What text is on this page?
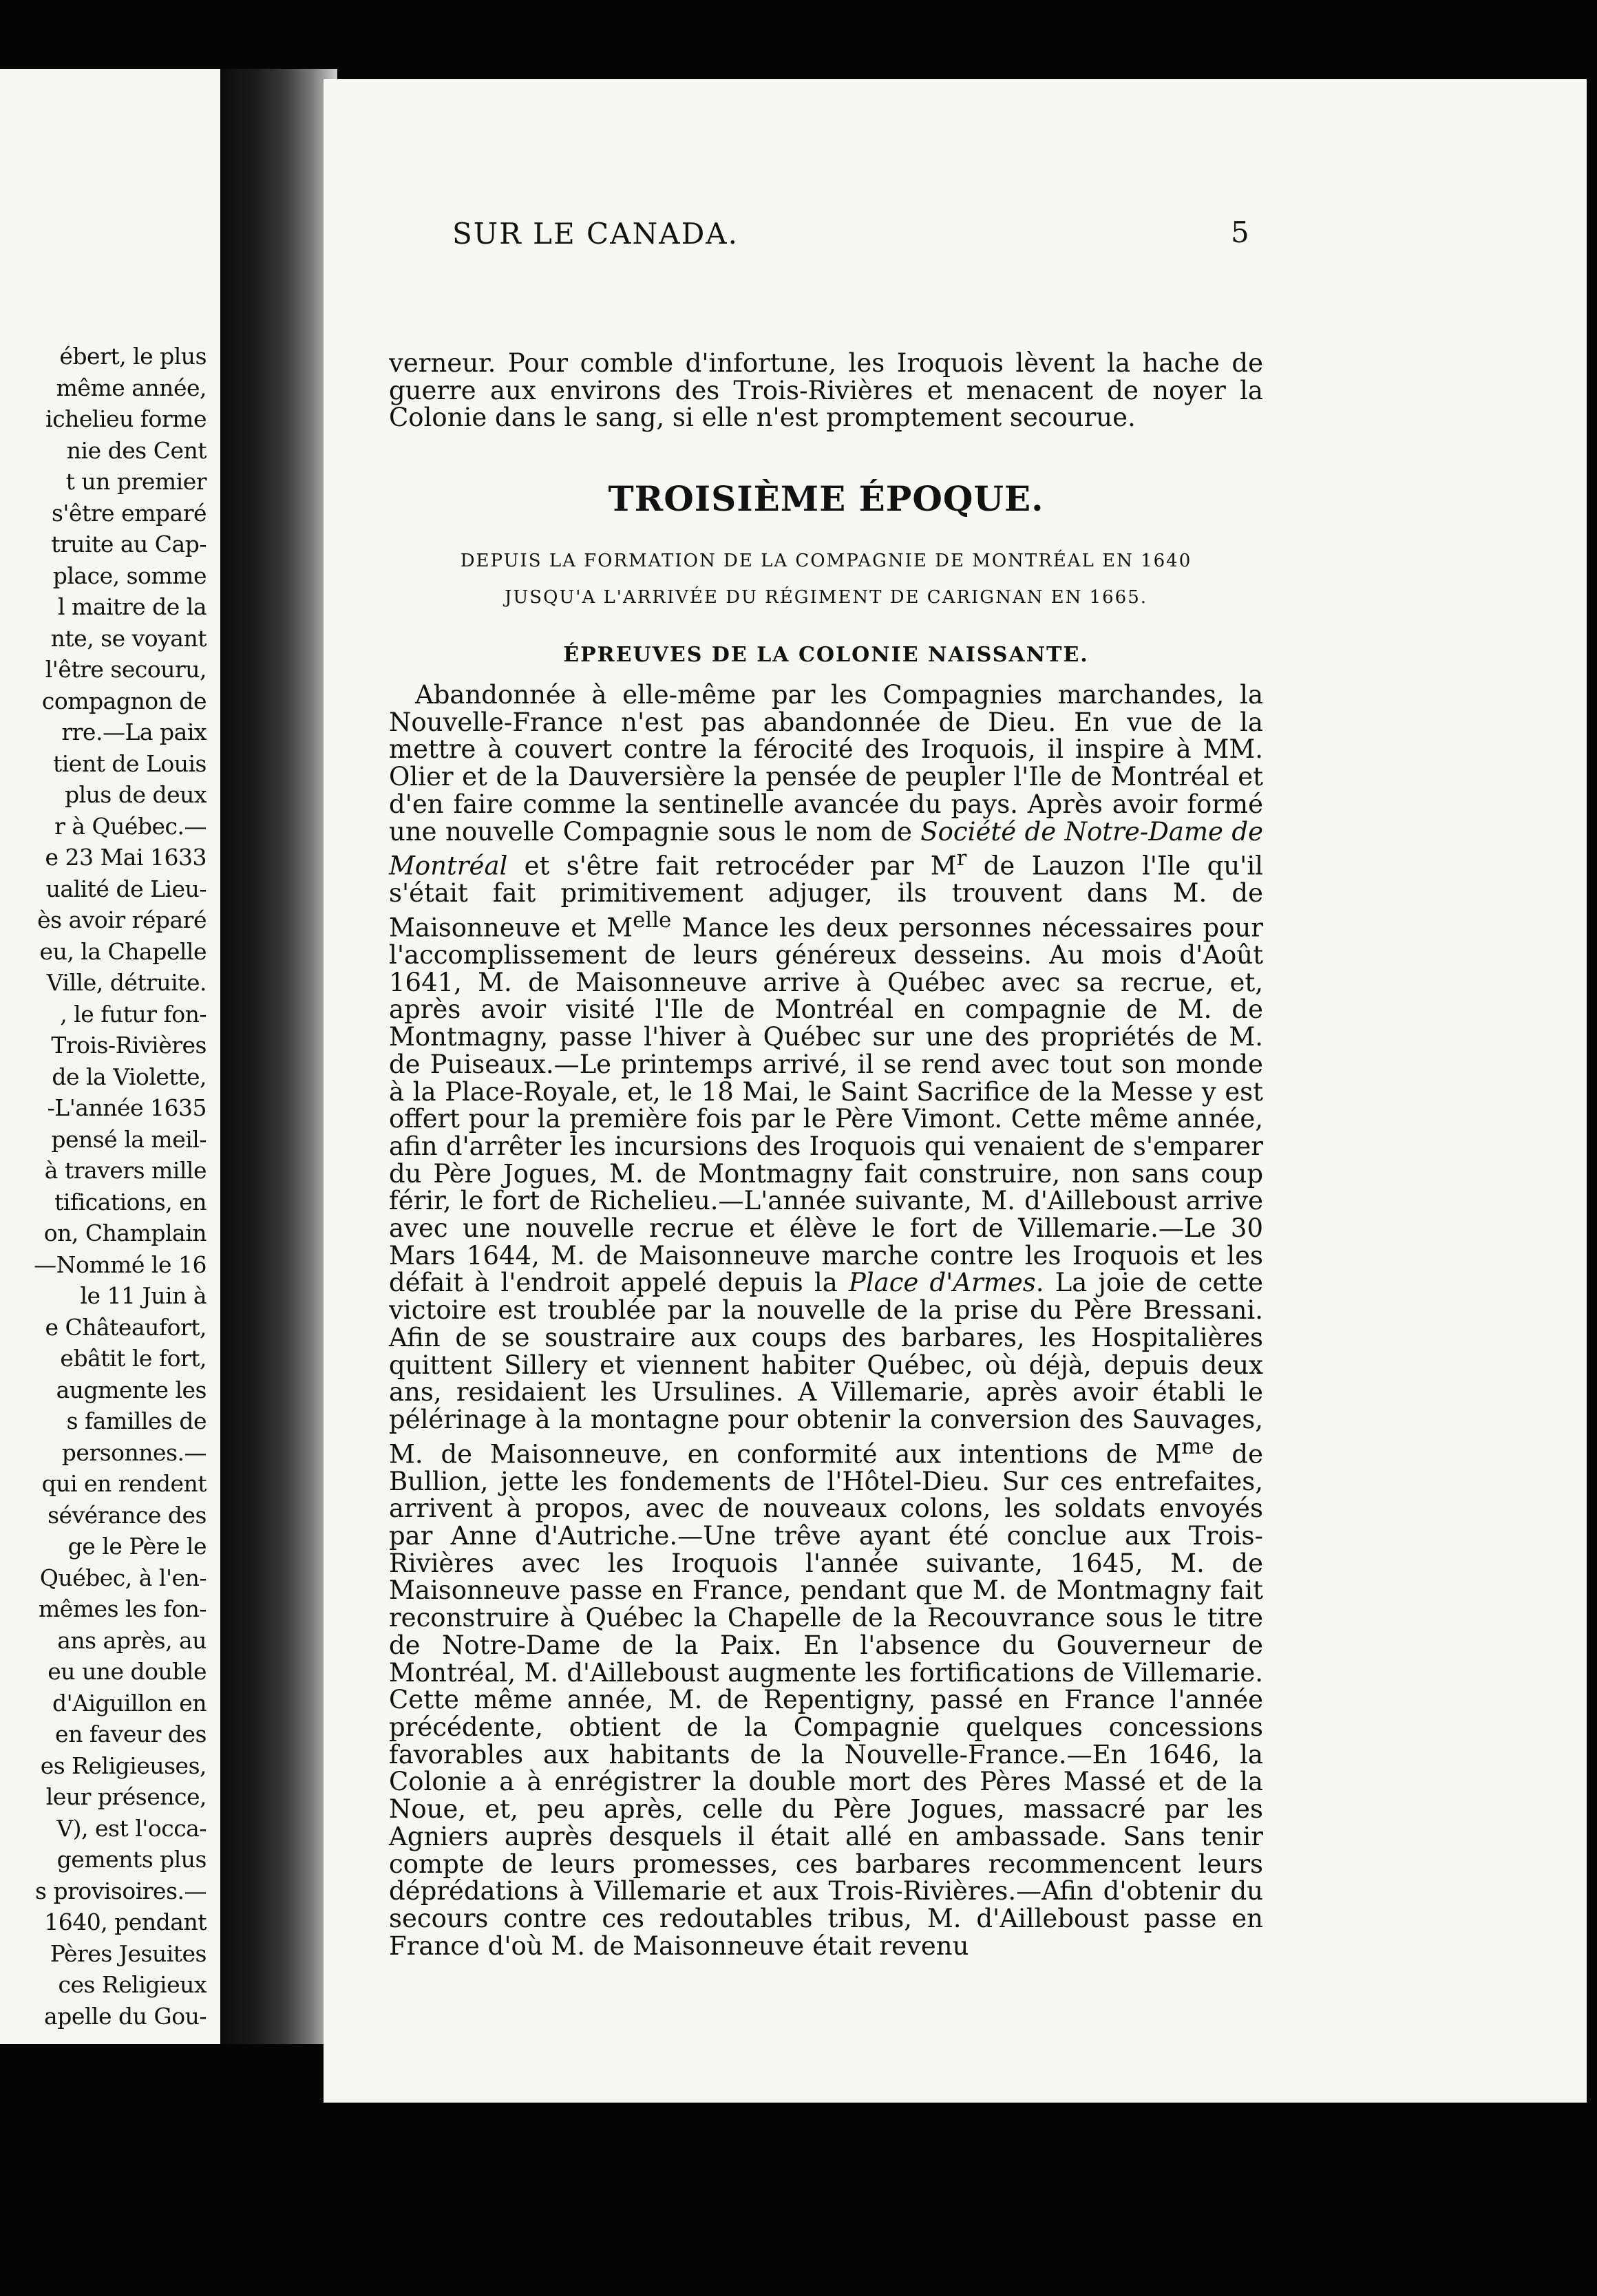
ébert, le plus
même année,
ichelieu forme
nie des Cent
t un premier
s'être emparé
truite au Cap-
place, somme
l maitre de la
nte, se voyant
l'être secouru,
compagnon de
rre.—La paix
tient de Louis
plus de deux
r à Québec.—
e 23 Mai 1633
ualité de Lieu-
ès avoir réparé
eu, la Chapelle
Ville, détruite.
, le futur fon-
Trois-Rivières
de la Violette,
-L'année 1635
pensé la meil-
à travers mille
tifications, en
on, Champlain
—Nommé le 16
le 11 Juin à
e Châteaufort,
ebâtit le fort,
augmente les
s familles de
personnes.—
qui en rendent
sévérance des
ge le Père le
Québec, à l'en-
mêmes les fon-
ans après, au
eu une double
d'Aiguillon en
en faveur des
es Religieuses,
leur présence,
V), est l'occa-
gements plus
s provisoires.—
1640, pendant
Pères Jesuites
ces Religieux
apelle du Gou-
SUR LE CANADA.	5

verneur. Pour comble d'infortune, les Iroquois lèvent la hache de guerre aux environs des Trois-Rivières et menacent de noyer la Colonie dans le sang, si elle n'est promptement secourue.

TROISIÈME ÉPOQUE.
DEPUIS LA FORMATION DE LA COMPAGNIE DE MONTRÉAL EN 1640
JUSQU'A L'ARRIVÉE DU RÉGIMENT DE CARIGNAN EN 1665.
ÉPREUVES DE LA COLONIE NAISSANTE.

Abandonnée à elle-même par les Compagnies marchandes, la Nouvelle-France n'est pas abandonnée de Dieu. En vue de la mettre à couvert contre la férocité des Iroquois, il inspire à MM. Olier et de la Dauversière la pensée de peupler l'Ile de Montréal et d'en faire comme la sentinelle avancée du pays. Après avoir formé une nouvelle Compagnie sous le nom de Société de Notre-Dame de Montréal et s'être fait retrocéder par $M^r$ de Lauzon l'Ile qu'il s'était fait primitivement adjuger, ils trouvent dans M. de Maisonneuve et $M^{elle}$ Mance les deux personnes nécessaires pour l'accomplissement de leurs généreux desseins. Au mois d'Août 1641, M. de Maisonneuve arrive à Québec avec sa recrue, et, après avoir visité l'Ile de Montréal en compagnie de M. de Montmagny, passe l'hiver à Québec sur une des propriétés de M. de Puiseaux.—Le printemps arrivé, il se rend avec tout son monde à la Place-Royale, et, le 18 Mai, le Saint Sacrifice de la Messe y est offert pour la première fois par le Père Vimont. Cette même année, afin d'arrêter les incursions des Iroquois qui venaient de s'emparer du Père Jogues, M. de Montmagny fait construire, non sans coup férir, le fort de Richelieu.—L'année suivante, M. d'Ailleboust arrive avec une nouvelle recrue et élève le fort de Villemarie.—Le 30 Mars 1644, M. de Maisonneuve marche contre les Iroquois et les défait à l'endroit appelé depuis la Place d'Armes. La joie de cette victoire est troublée par la nouvelle de la prise du Père Bressani. Afin de se soustraire aux coups des barbares, les Hospitalières quittent Sillery et viennent habiter Québec, où déjà, depuis deux ans, residaient les Ursulines. A Villemarie, après avoir établi le pélérinage à la montagne pour obtenir la conversion des Sauvages, M. de Maisonneuve, en conformité aux intentions de $M^{me}$ de Bullion, jette les fondements de l'Hôtel-Dieu. Sur ces entrefaites, arrivent à propos, avec de nouveaux colons, les soldats envoyés par Anne d'Autriche.—Une trêve ayant été conclue aux Trois-Rivières avec les Iroquois l'année suivante, 1645, M. de Maisonneuve passe en France, pendant que M. de Montmagny fait reconstruire à Québec la Chapelle de la Recouvrance sous le titre de Notre-Dame de la Paix. En l'absence du Gouverneur de Montréal, M. d'Ailleboust augmente les fortifications de Villemarie. Cette même année, M. de Repentigny, passé en France l'année précédente, obtient de la Compagnie quelques concessions favorables aux habitants de la Nouvelle-France.—En 1646, la Colonie a à enrégistrer la double mort des Pères Massé et de la Noue, et, peu après, celle du Père Jogues, massacré par les Agniers auprès desquels il était allé en ambassade. Sans tenir compte de leurs promesses, ces barbares recommencent leurs déprédations à Villemarie et aux Trois-Rivières.—Afin d'obtenir du secours contre ces redoutables tribus, M. d'Ailleboust passe en France d'où M. de Maisonneuve était revenu
